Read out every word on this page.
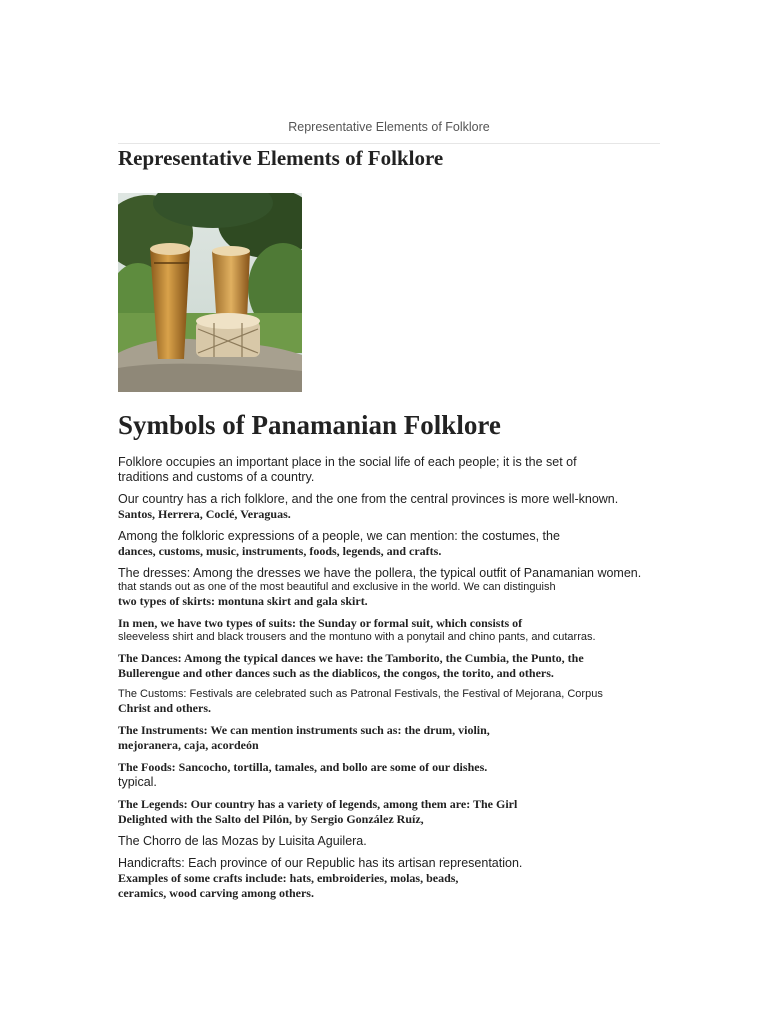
Representative Elements of Folklore
Representative Elements of Folklore
Symbols of Panamanian Folklore
Folklore occupies an important place in the social life of each people; it is the set of
traditions and customs of a country.
Our country has a rich folklore, and the one from the central provinces is more well-known.
Santos, Herrera, Coclé, Veraguas.
Among the folkloric expressions of a people, we can mention: the costumes, the
dances, customs, music, instruments, foods, legends, and crafts.
The dresses: Among the dresses we have the pollera, the typical outfit of Panamanian women.
that stands out as one of the most beautiful and exclusive in the world. We can distinguish
two types of skirts: montuna skirt and gala skirt.
In men, we have two types of suits: the Sunday or formal suit, which consists of
sleeveless shirt and black trousers and the montuno with a ponytail and chino pants, and cutarras.
The Dances: Among the typical dances we have: the Tamborito, the Cumbia, the Punto, the
Bullerengue and other dances such as the diablicos, the congos, the torito, and others.
The Customs: Festivals are celebrated such as Patronal Festivals, the Festival of Mejorana, Corpus
Christ and others.
The Instruments: We can mention instruments such as: the drum, violin,
mejoranera, caja, acordeón
The Foods: Sancocho, tortilla, tamales, and bollo are some of our dishes.
typical.
The Legends: Our country has a variety of legends, among them are: The Girl
Delighted with the Salto del Pilón, by Sergio González Ruíz,
The Chorro de las Mozas by Luisita Aguilera.
Handicrafts: Each province of our Republic has its artisan representation.
Examples of some crafts include: hats, embroideries, molas, beads,
ceramics, wood carving among others.
